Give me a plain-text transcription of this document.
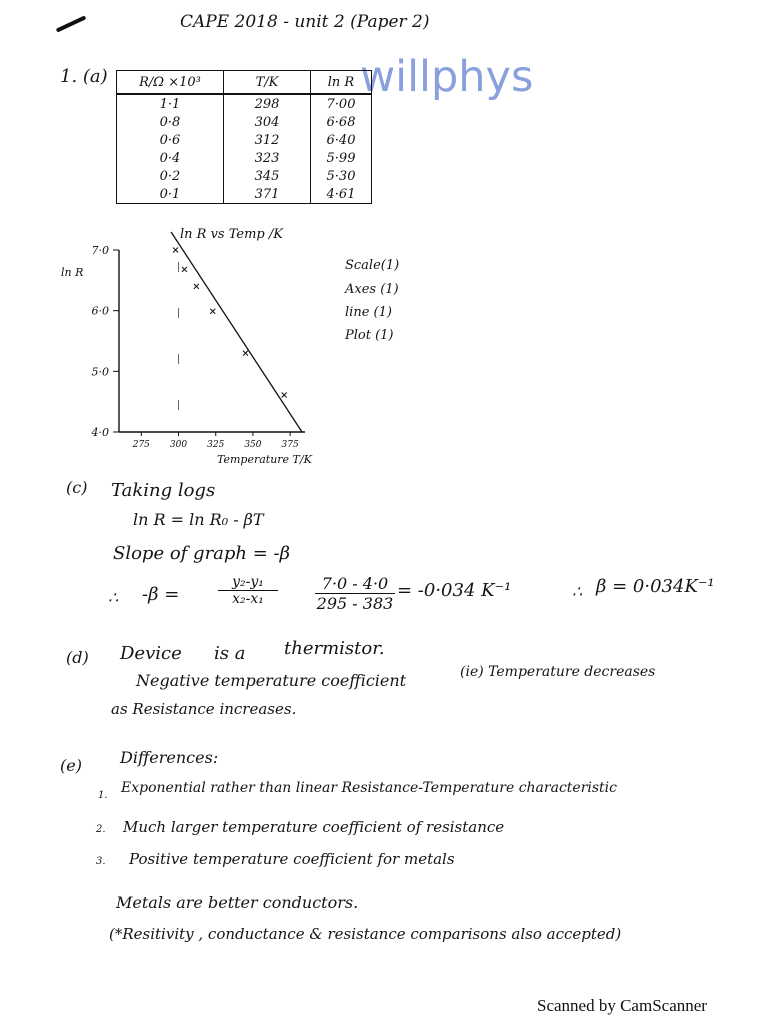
CAPE 2018 - unit 2 (Paper 2)
willphys
1. (a) R/Ω ×10³	T/K	ln R
1·1	298	7·00
0·8	304	6·68
0·6	312	6·40
0·4	323	5·99
0·2	345	5·30
0·1	371	4·61
ln R vs Temp /K
ln R
Temperature T/K
275 300 325 350 375
4·0
5·0
6·0
7·0
Scale(1)
Axes (1)
line (1)
Plot (1)
(c) Taking logs
ln R = ln R₀ - βT
Slope of graph = -β
∴ -β =	$\frac{\text{y₂-y₁}}{\text{x₂-x₁}} \frac{7\cdot 0 - 4\cdot 0}{295 - 383} = -0\cdot 034$ K⁻¹	∴ β = 0·034K⁻¹
(d) Device is a thermistor.
Negative temperature coefficient	(ie) Temperature decreases
as Resistance increases.
(e) Differences:
1. Exponential rather than linear Resistance-Temperature characteristic
2. Much larger temperature coefficient of resistance
3. Positive temperature coefficient for metals
Metals are better conductors.
(*Resitivity , conductance & resistance comparisons also accepted)
Scanned by CamScanner
